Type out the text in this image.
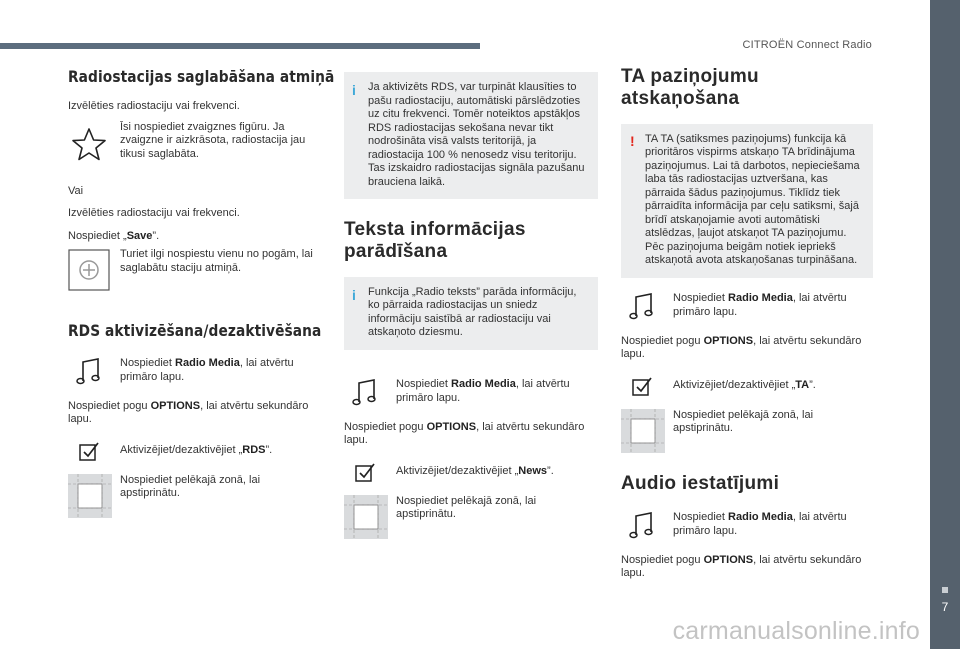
CITROËN Connect Radio
7
carmanualsonline.info
Radiostacijas saglabāšana atmiņā

Izvēlēties radiostaciju vai frekvenci.

Īsi nospiediet zvaigznes figūru. Ja zvaigzne ir aizkrāsota, radiostacija jau tikusi saglabāta.

Vai

Izvēlēties radiostaciju vai frekvenci.

Nospiediet „Save”.

Turiet ilgi nospiestu vienu no pogām, lai saglabātu staciju atmiņā.
RDS aktivizēšana/dezaktivēšana
Nospiediet Radio Media, lai atvērtu primāro lapu.

Nospiediet pogu OPTIONS, lai atvērtu sekundāro lapu.

Aktivizējiet/dezaktivējiet „RDS”.
Nospiediet pelēkajā zonā, lai apstiprinātu.
i Ja aktivizēts RDS, var turpināt klausīties to pašu radiostaciju, automātiski pārslēdzoties uz citu frekvenci. Tomēr noteiktos apstākļos RDS radiostacijas sekošana nevar tikt nodrošināta visā valsts teritorijā, ja radiostacija 100 % nenosedz visu teritoriju. Tas izskaidro radiostacijas signāla pazušanu brauciena laikā.

Teksta informācijas parādīšana
i Funkcija „Radio teksts” parāda informāciju, ko pārraida radiostacijas un sniedz informāciju saistībā ar radiostaciju vai atskaņoto dziesmu.

Nospiediet Radio Media, lai atvērtu primāro lapu.

Nospiediet pogu OPTIONS, lai atvērtu sekundāro lapu.

Aktivizējiet/dezaktivējiet „News”.
Nospiediet pelēkajā zonā, lai apstiprinātu.
TA paziņojumu atskaņošana
! TA TA (satiksmes paziņojums) funkcija kā prioritāros vispirms atskaņo TA brīdinājuma paziņojumus. Lai tā darbotos, nepieciešama laba tās radiostacijas uztveršana, kas pārraida šādus paziņojumus. Tiklīdz tiek pārraidīta informācija par ceļu satiksmi, šajā brīdī atskaņojamie avoti automātiski atslēdzas, ļaujot atskaņot TA paziņojumu. Pēc paziņojuma beigām notiek iepriekš atskaņotā avota atskaņošanas turpināšana.

Nospiediet Radio Media, lai atvērtu primāro lapu.

Nospiediet pogu OPTIONS, lai atvērtu sekundāro lapu.

Aktivizējiet/dezaktivējiet „TA”.
Nospiediet pelēkajā zonā, lai apstiprinātu.
Audio iestatījumi
Nospiediet Radio Media, lai atvērtu primāro lapu.

Nospiediet pogu OPTIONS, lai atvērtu sekundāro lapu.
